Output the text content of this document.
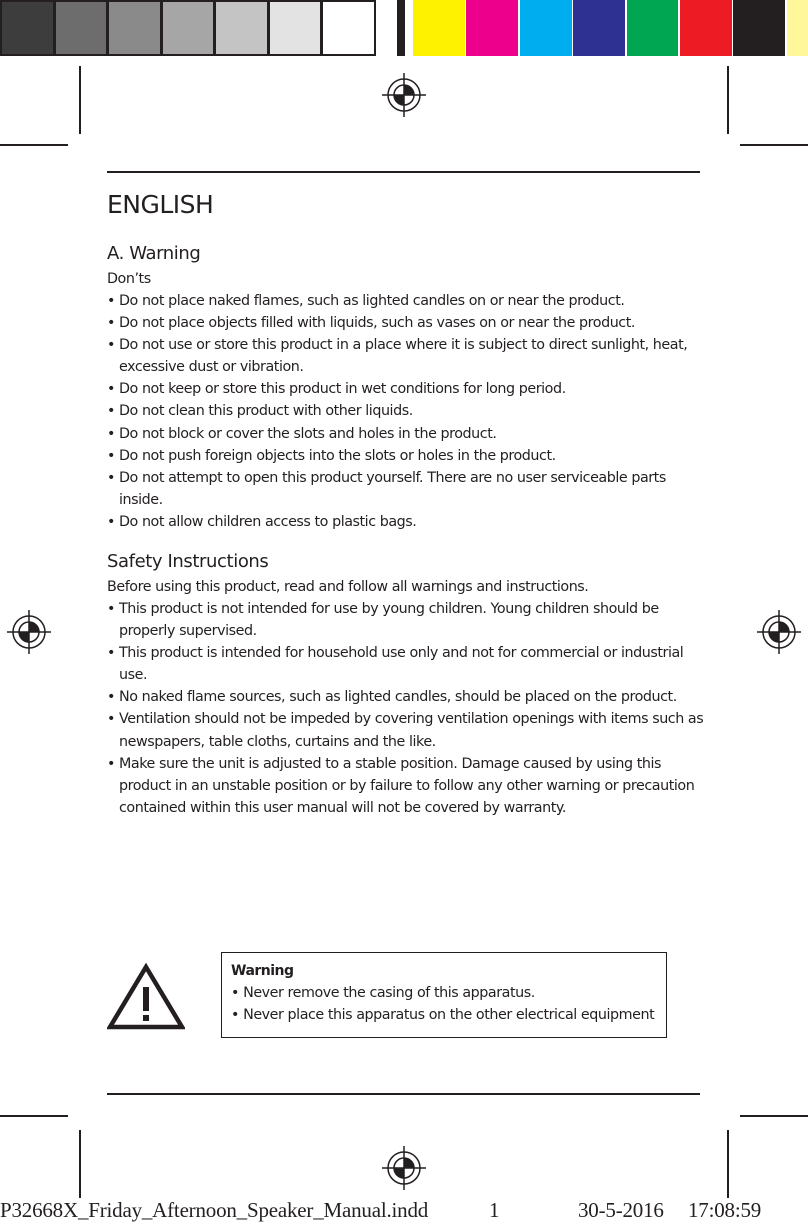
ENGLISH
A. Warning
Don’ts
• Do not place naked flames, such as lighted candles on or near the product.
• Do not place objects filled with liquids, such as vases on or near the product.
• Do not use or store this product in a place where it is subject to direct sunlight, heat,
excessive dust or vibration.
• Do not keep or store this product in wet conditions for long period.
• Do not clean this product with other liquids.
• Do not block or cover the slots and holes in the product.
• Do not push foreign objects into the slots or holes in the product.
• Do not attempt to open this product yourself. There are no user serviceable parts
inside.
• Do not allow children access to plastic bags.
Safety Instructions
Before using this product, read and follow all warnings and instructions.
• This product is not intended for use by young children. Young children should be
properly supervised.
• This product is intended for household use only and not for commercial or industrial
use.
• No naked flame sources, such as lighted candles, should be placed on the product.
• Ventilation should not be impeded by covering ventilation openings with items such as
newspapers, table cloths, curtains and the like.
• Make sure the unit is adjusted to a stable position. Damage caused by using this
product in an unstable position or by failure to follow any other warning or precaution
contained within this user manual will not be covered by warranty.
Warning
• Never remove the casing of this apparatus.
• Never place this apparatus on the other electrical equipment
P32668X_Friday_Afternoon_Speaker_Manual.indd	1	30-5-2016 17:08:59
